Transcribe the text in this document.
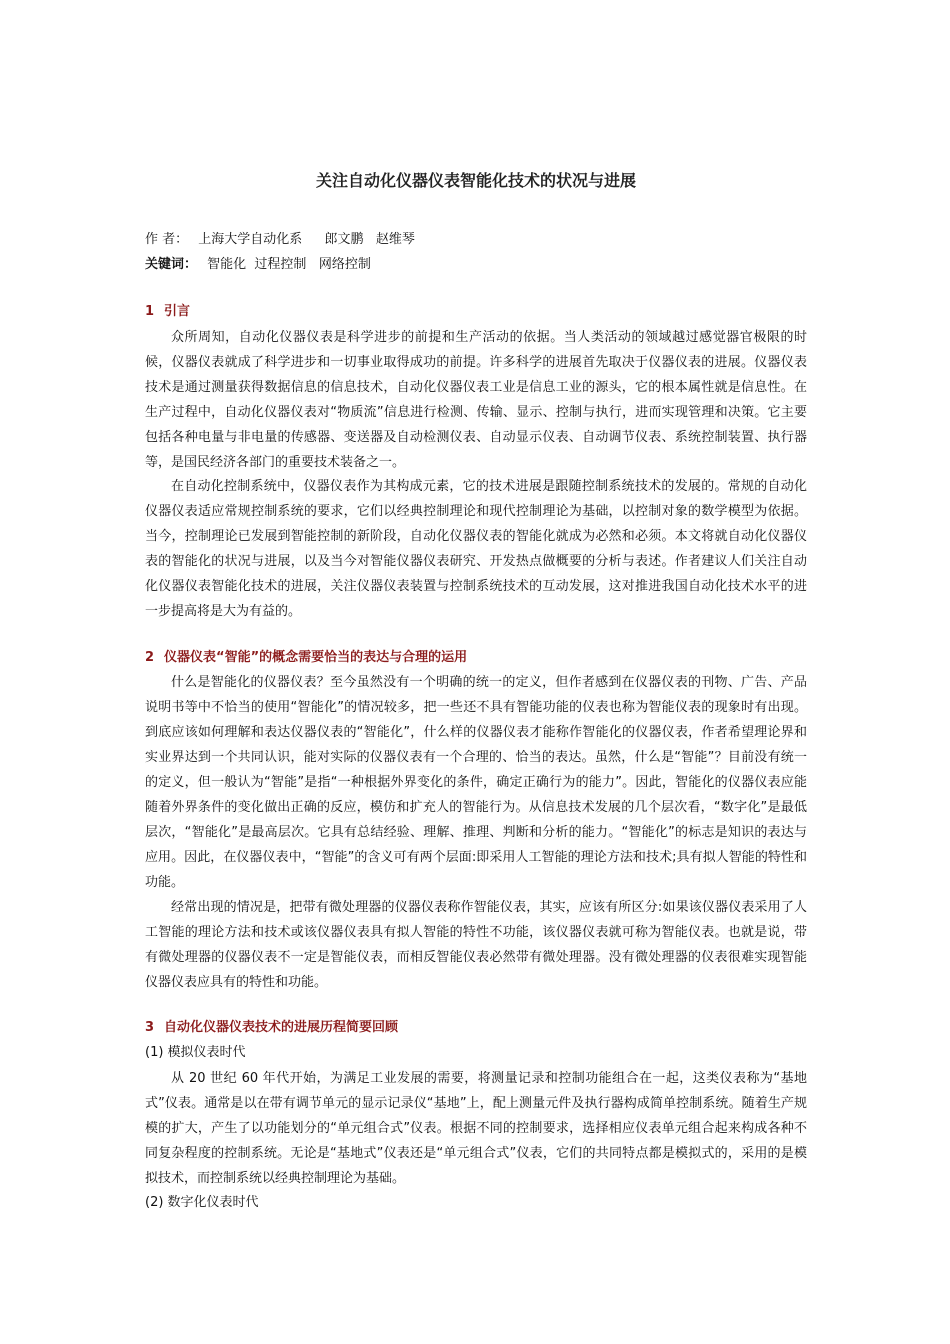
关注自动化仪器仪表智能化技术的状况与进展

作 者： 上海大学自动化系 郎文鹏   赵维琴

关键词： 智能化  过程控制   网络控制

1 引言

众所周知，自动化仪器仪表是科学进步的前提和生产活动的依据。当人类活动的领域越过感觉器官极限的时候，仪器仪表就成了科学进步和一切事业取得成功的前提。许多科学的进展首先取决于仪器仪表的进展。仪器仪表技术是通过测量获得数据信息的信息技术，自动化仪器仪表工业是信息工业的源头，它的根本属性就是信息性。在生产过程中，自动化仪器仪表对“物质流”信息进行检测、传输、显示、控制与执行，进而实现管理和决策。它主要包括各种电量与非电量的传感器、变送器及自动检测仪表、自动显示仪表、自动调节仪表、系统控制装置、执行器等，是国民经济各部门的重要技术装备之一。

在自动化控制系统中，仪器仪表作为其构成元素，它的技术进展是跟随控制系统技术的发展的。常规的自动化仪器仪表适应常规控制系统的要求，它们以经典控制理论和现代控制理论为基础，以控制对象的数学模型为依据。当今，控制理论已发展到智能控制的新阶段，自动化仪器仪表的智能化就成为必然和必须。本文将就自动化仪器仪表的智能化的状况与进展，以及当今对智能仪器仪表研究、开发热点做概要的分析与表述。作者建议人们关注自动化仪器仪表智能化技术的进展，关注仪器仪表装置与控制系统技术的互动发展，这对推进我国自动化技术水平的进一步提高将是大为有益的。

2 仪器仪表“智能”的概念需要恰当的表达与合理的运用

什么是智能化的仪器仪表？至今虽然没有一个明确的统一的定义，但作者感到在仪器仪表的刊物、广告、产品说明书等中不恰当的使用“智能化”的情况较多，把一些还不具有智能功能的仪表也称为智能仪表的现象时有出现。到底应该如何理解和表达仪器仪表的“智能化”，什么样的仪器仪表才能称作智能化的仪器仪表，作者希望理论界和实业界达到一个共同认识，能对实际的仪器仪表有一个合理的、恰当的表达。虽然，什么是“智能”？目前没有统一的定义，但一般认为“智能”是指“一种根据外界变化的条件，确定正确行为的能力”。因此，智能化的仪器仪表应能随着外界条件的变化做出正确的反应，模仿和扩充人的智能行为。从信息技术发展的几个层次看，“数字化”是最低层次，“智能化”是最高层次。它具有总结经验、理解、推理、判断和分析的能力。“智能化”的标志是知识的表达与应用。因此，在仪器仪表中，“智能”的含义可有两个层面:即采用人工智能的理论方法和技术;具有拟人智能的特性和功能。

经常出现的情况是，把带有微处理器的仪器仪表称作智能仪表，其实，应该有所区分:如果该仪器仪表采用了人工智能的理论方法和技术或该仪器仪表具有拟人智能的特性不功能，该仪器仪表就可称为智能仪表。也就是说，带有微处理器的仪器仪表不一定是智能仪表，而相反智能仪表必然带有微处理器。没有微处理器的仪表很难实现智能仪器仪表应具有的特性和功能。

3 自动化仪器仪表技术的进展历程简要回顾

(1) 模拟仪表时代

从 20 世纪 60 年代开始，为满足工业发展的需要，将测量记录和控制功能组合在一起，这类仪表称为“基地式”仪表。通常是以在带有调节单元的显示记录仪“基地”上，配上测量元件及执行器构成简单控制系统。随着生产规模的扩大，产生了以功能划分的“单元组合式”仪表。根据不同的控制要求，选择相应仪表单元组合起来构成各种不同复杂程度的控制系统。无论是“基地式”仪表还是“单元组合式”仪表，它们的共同特点都是模拟式的，采用的是模拟技术，而控制系统以经典控制理论为基础。

(2) 数字化仪表时代
